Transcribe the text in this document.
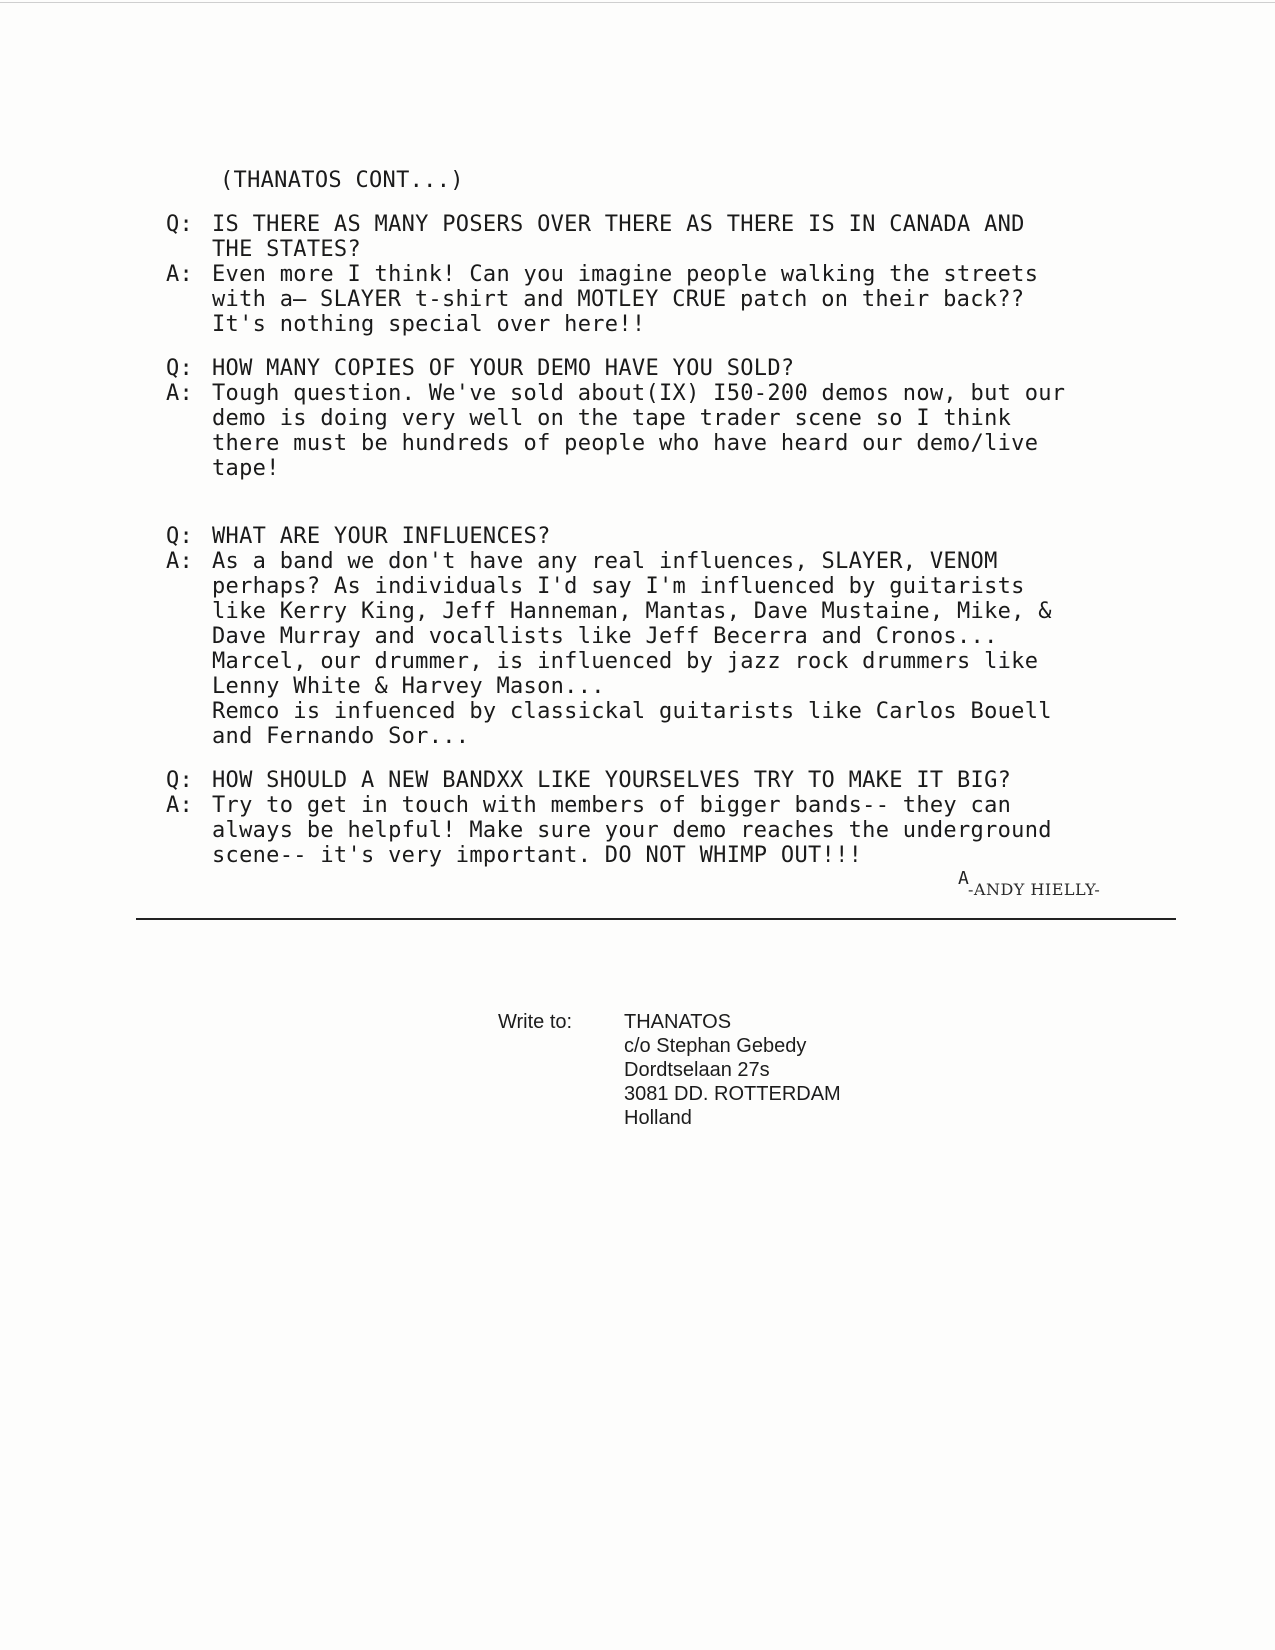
(THANATOS CONT...)
Q: IS THERE AS MANY POSERS OVER THERE AS THERE IS IN CANADA AND
THE STATES?
A: Even more I think! Can you imagine people walking the streets
with a̶ SLAYER t-shirt and MOTLEY CRUE patch on their back??
It's nothing special over here!!
Q: HOW MANY COPIES OF YOUR DEMO HAVE YOU SOLD?
A: Tough question. We've sold about(IX) I50-200 demos now, but our
demo is doing very well on the tape trader scene so I think
there must be hundreds of people who have heard our demo/live
tape!
Q: WHAT ARE YOUR INFLUENCES?
A: As a band we don't have any real influences, SLAYER, VENOM
perhaps? As individuals I'd say I'm influenced by guitarists
like Kerry King, Jeff Hanneman, Mantas, Dave Mustaine, Mike, &
Dave Murray and vocallists like Jeff Becerra and Cronos...
Marcel, our drummer, is influenced by jazz rock drummers like
Lenny White & Harvey Mason...
Remco is infuenced by classickal guitarists like Carlos Bouell
and Fernando Sor...
Q: HOW SHOULD A NEW BANDXX LIKE YOURSELVES TRY TO MAKE IT BIG?
A: Try to get in touch with members of bigger bands-- they can
always be helpful! Make sure your demo reaches the underground
scene-- it's very important. DO NOT WHIMP OUT!!!
A
-ANDY HIELLY-
Write to:	THANATOS
c/o Stephan Gebedy
Dordtselaan 27s
3081 DD. ROTTERDAM
Holland
